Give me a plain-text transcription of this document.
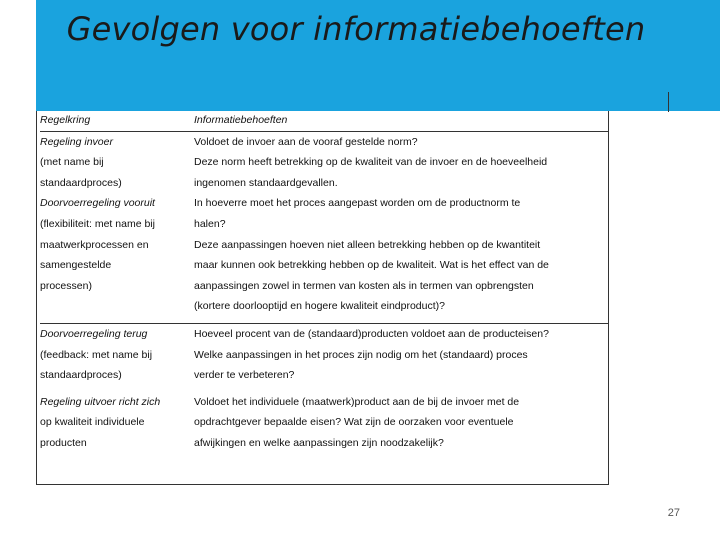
Gevolgen voor informatiebehoeften
Regelkring	Informatiebehoeften
Regeling invoer	Voldoet de invoer aan de vooraf gestelde norm?
(met name bij	Deze norm heeft betrekking op de kwaliteit van de invoer en de hoeveelheid
standaardproces)	ingenomen standaardgevallen.
Doorvoerregeling vooruit	In hoeverre moet het proces aangepast worden om de productnorm te
(flexibiliteit: met name bij	halen?
maatwerkprocessen en	Deze aanpassingen hoeven niet alleen betrekking hebben op de kwantiteit
samengestelde	maar kunnen ook betrekking hebben op de kwaliteit. Wat is het effect van de
processen)	aanpassingen zowel in termen van kosten als in termen van opbrengsten
	(kortere doorlooptijd en hogere kwaliteit eindproduct)?
Doorvoerregeling terug	Hoeveel procent van de (standaard)producten voldoet aan de producteisen?
(feedback: met name bij	Welke aanpassingen in het proces zijn nodig om het (standaard) proces
standaardproces)	verder te verbeteren?
Regeling uitvoer richt zich	Voldoet het individuele (maatwerk)product aan de bij de invoer met de
op kwaliteit individuele	opdrachtgever bepaalde eisen? Wat zijn de oorzaken voor eventuele
producten	afwijkingen en welke aanpassingen zijn noodzakelijk?
27
